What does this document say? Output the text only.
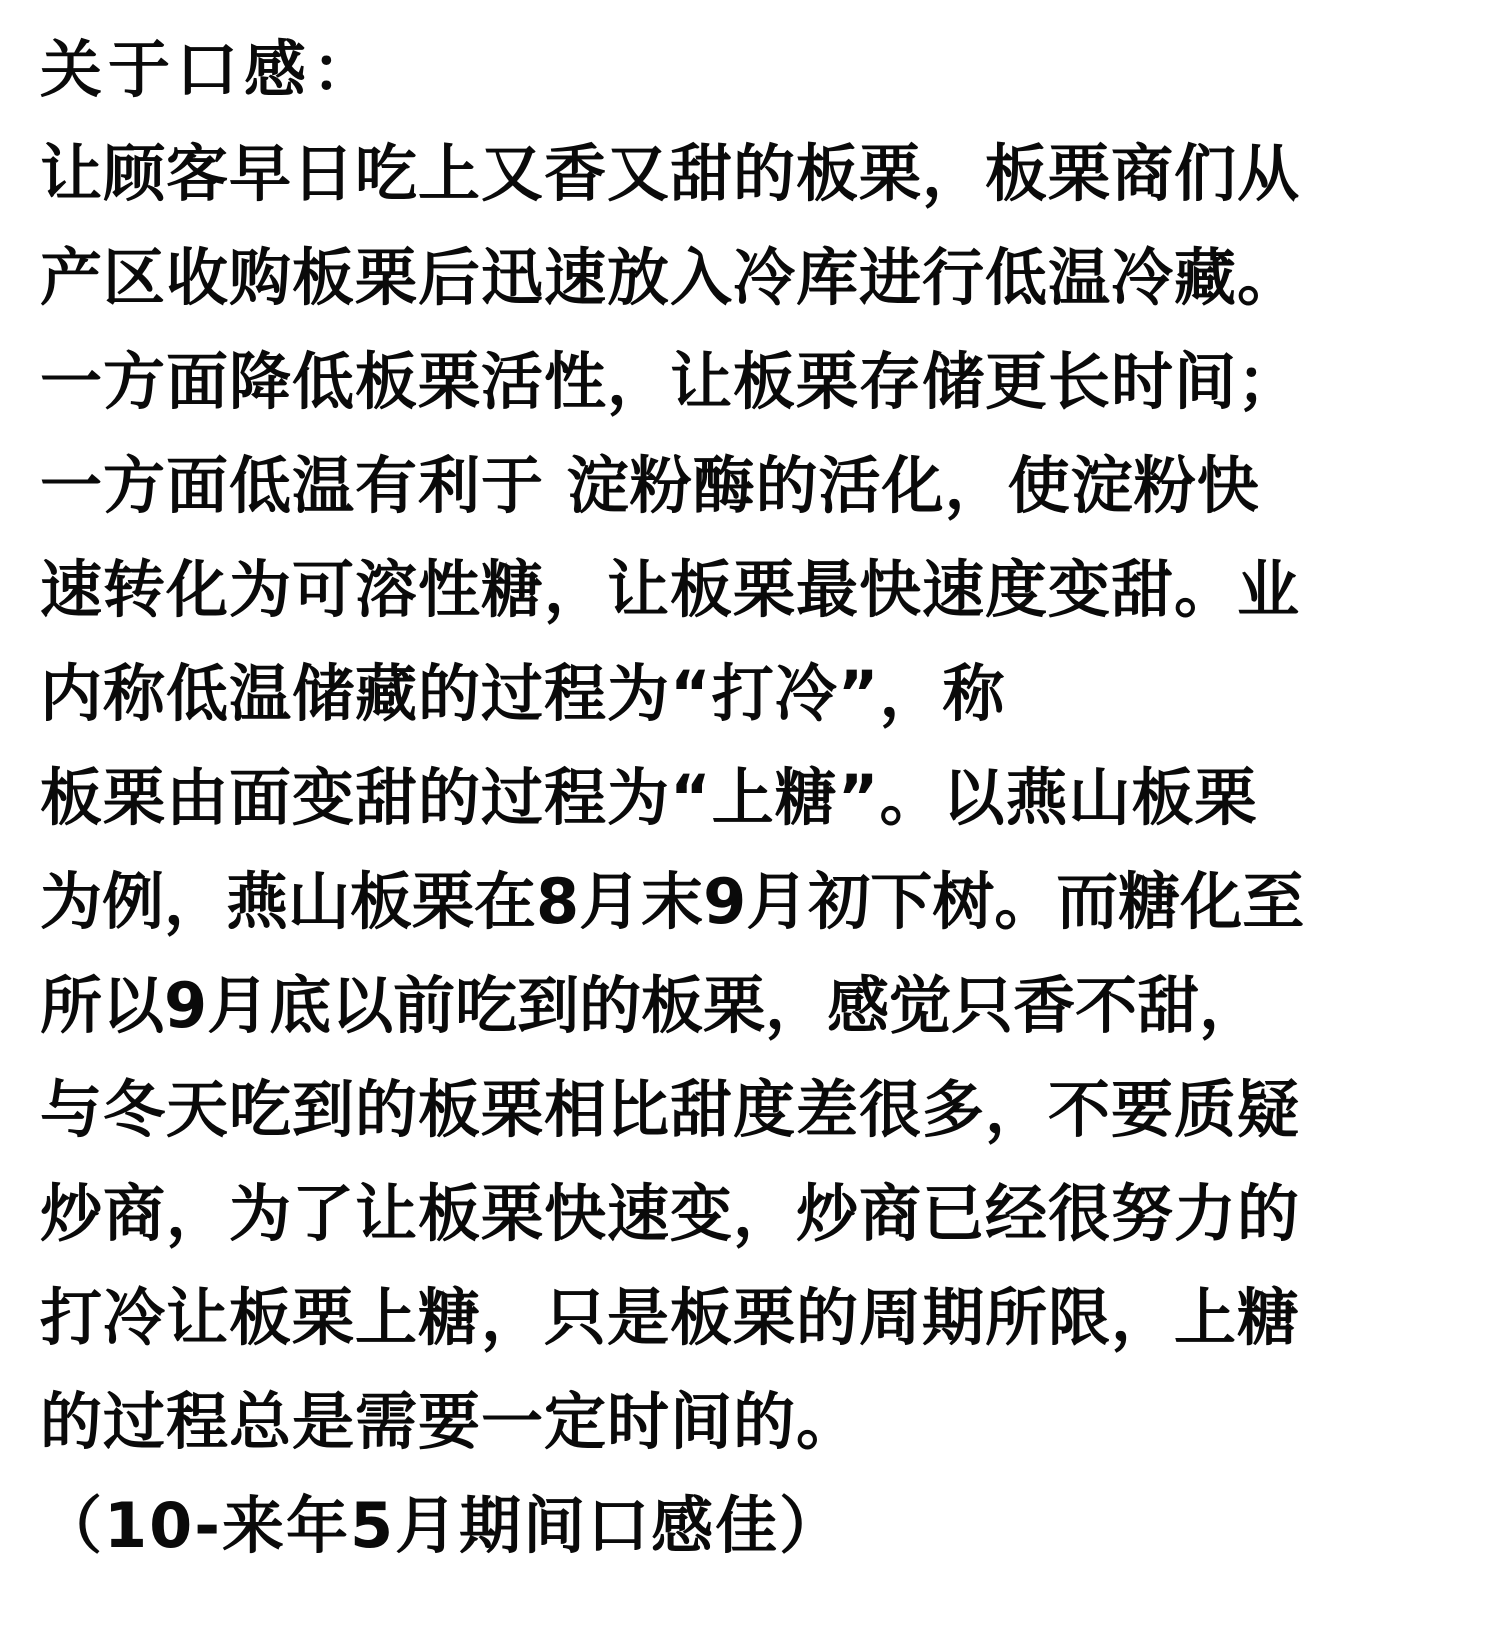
关于口感：
让顾客早日吃上又香又甜的板栗，板栗商们从
产区收购板栗后迅速放入冷库进行低温冷藏。
一方面降低板栗活性，让板栗存储更长时间；
一方面低温有利于 淀粉酶的活化，使淀粉快
速转化为可溶性糖，让板栗最快速度变甜。业
内称低温储藏的过程为“打冷”，称
板栗由面变甜的过程为“上糖”。以燕山板栗
为例，燕山板栗在8月末9月初下树。而糖化至
所以9月底以前吃到的板栗，感觉只香不甜，
与冬天吃到的板栗相比甜度差很多，不要质疑
炒商，为了让板栗快速变，炒商已经很努力的
打冷让板栗上糖，只是板栗的周期所限，上糖
的过程总是需要一定时间的。
（10-来年5月期间口感佳）
